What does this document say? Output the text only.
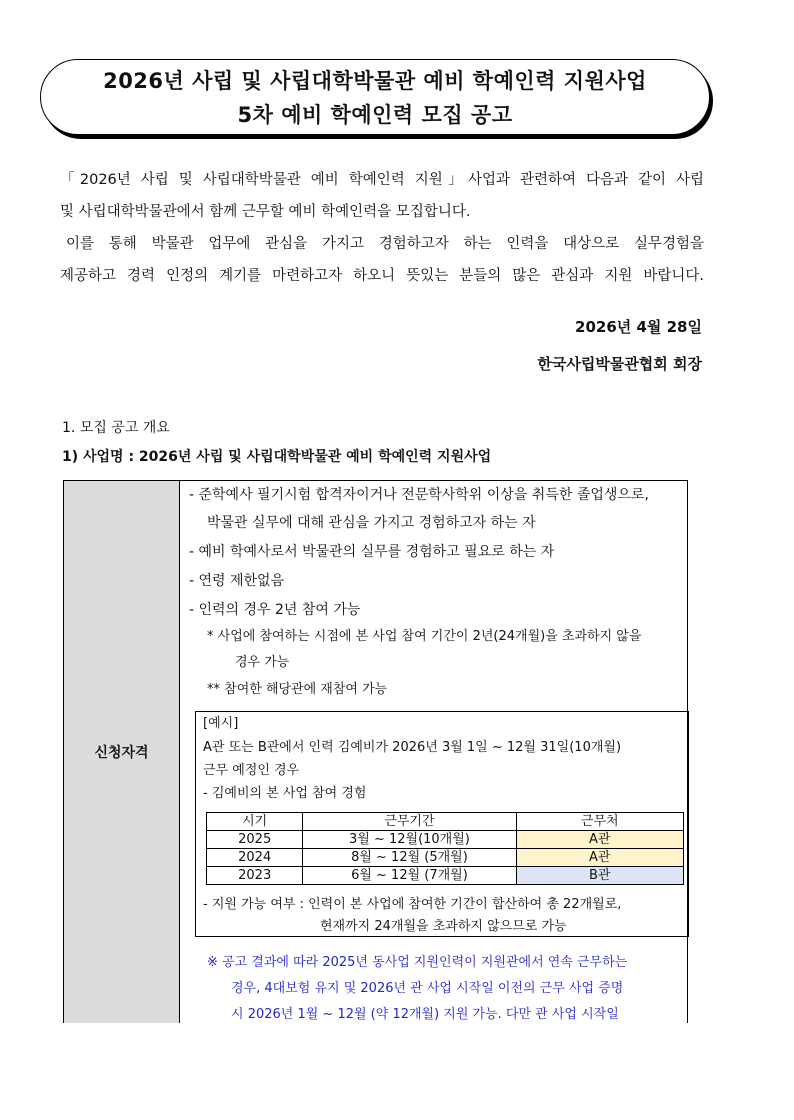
2026년 사립 및 사립대학박물관 예비 학예인력 지원사업
5차 예비 학예인력 모집 공고

「2026년 사립 및 사립대학박물관 예비 학예인력 지원」사업과 관련하여 다음과 같이 사립

및 사립대학박물관에서 함께 근무할 예비 학예인력을 모집합니다.

이를 통해 박물관 업무에 관심을 가지고 경험하고자 하는 인력을 대상으로 실무경험을

제공하고 경력 인정의 계기를 마련하고자 하오니 뜻있는 분들의 많은 관심과 지원 바랍니다.

2026년 4월 28일
한국사립박물관협회 회장
1. 모집 공고 개요
1) 사업명 : 2026년 사립 및 사립대학박물관 예비 학예인력 지원사업
신청자격
- 준학예사 필기시험 합격자이거나 전문학사학위 이상을 취득한 졸업생으로,
박물관 실무에 대해 관심을 가지고 경험하고자 하는 자
- 예비 학예사로서 박물관의 실무를 경험하고 필요로 하는 자
- 연령 제한없음
- 인력의 경우 2년 참여 가능
* 사업에 참여하는 시점에 본 사업 참여 기간이 2년(24개월)을 초과하지 않을
경우 가능
** 참여한 해당관에 재참여 가능
[예시]
A관 또는 B관에서 인력 김예비가 2026년 3월 1일 ~ 12월 31일(10개월)
근무 예정인 경우
- 김예비의 본 사업 참여 경험
시기	근무기간	근무처
2025	3월 ~ 12월(10개월)	A관
2024	8월 ~ 12월 (5개월)	A관
2023	6월 ~ 12월 (7개월)	B관
- 지원 가능 여부 : 인력이 본 사업에 참여한 기간이 합산하여 총 22개월로,
현재까지 24개월을 초과하지 않으므로 가능
※ 공고 결과에 따라 2025년 동사업 지원인력이 지원관에서 연속 근무하는
경우, 4대보험 유지 및 2026년 관 사업 시작일 이전의 근무 사업 증명
시 2026년 1월 ~ 12월 (약 12개월) 지원 가능. 다만 관 사업 시작일
